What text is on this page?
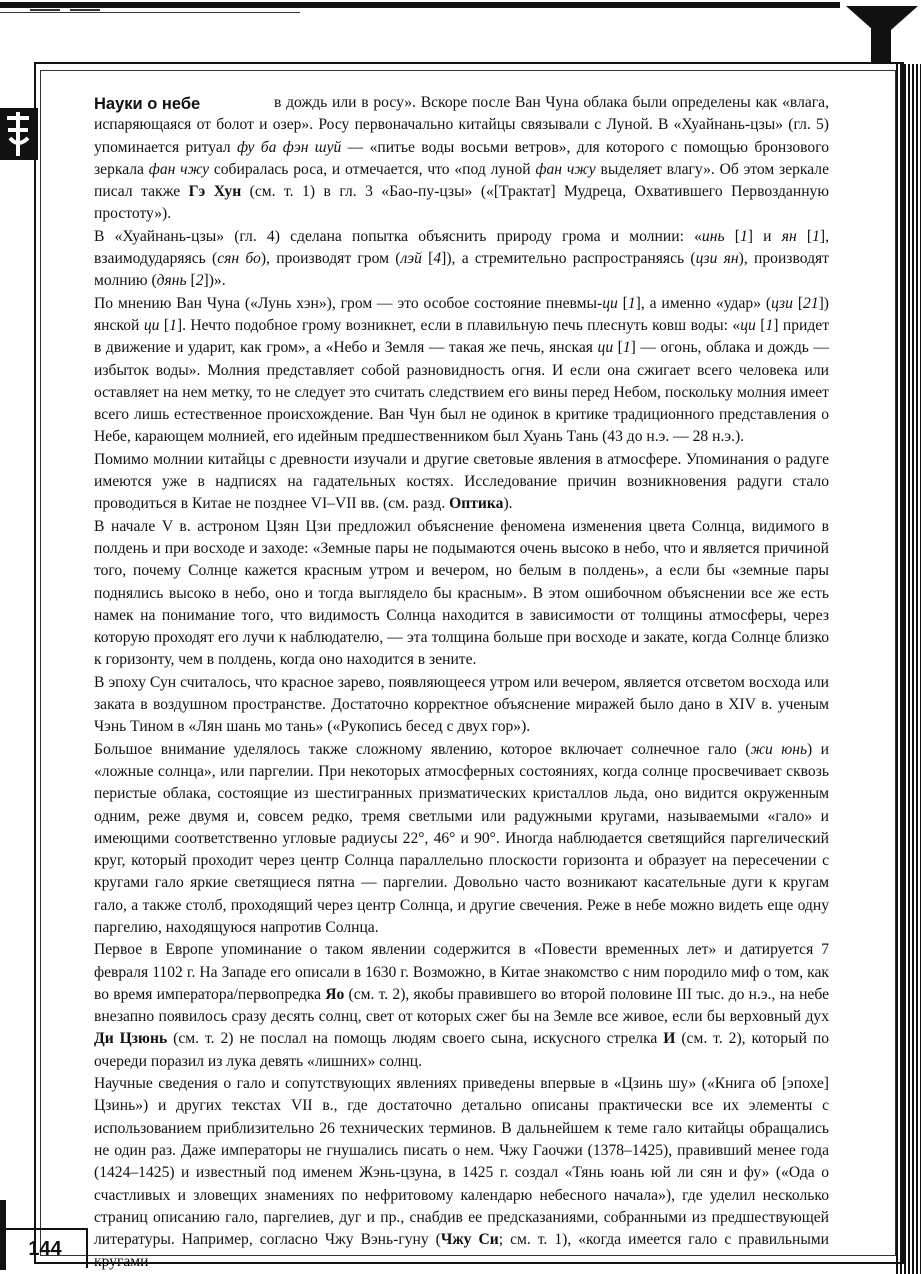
144
Науки о небе	в дождь или в росу». Вскоре после Ван Чуна облака были определены как «влага, испаряющаяся от болот и озер». Росу первоначально китайцы связывали с Луной. В «Хуайнань-цзы» (гл. 5) упоминается ритуал фу ба фэн шуй — «питье воды восьми ветров», для которого с помощью бронзового зеркала фан чжу собиралась роса, и отмечается, что «под луной фан чжу выделяет влагу». Об этом зеркале писал также Гэ Хун (см. т. 1) в гл. 3 «Бао-пу-цзы» («[Трактат] Мудреца, Охватившего Первозданную простоту»).

В «Хуайнань-цзы» (гл. 4) сделана попытка объяснить природу грома и молнии: «инь [1] и ян [1], взаимодударяясь (сян бо), производят гром (лэй [4]), а стремительно распространяясь (цзи ян), производят молнию (дянь [2])».

По мнению Ван Чуна («Лунь хэн»), гром — это особое состояние пневмы-ци [1], а именно «удар» (цзи [21]) янской ци [1]. Нечто подобное грому возникнет, если в плавильную печь плеснуть ковш воды: «ци [1] придет в движение и ударит, как гром», а «Небо и Земля — такая же печь, янская ци [1] — огонь, облака и дождь — избыток воды». Молния представляет собой разновидность огня. И если она сжигает всего человека или оставляет на нем метку, то не следует это считать следствием его вины перед Небом, поскольку молния имеет всего лишь естественное происхождение. Ван Чун был не одинок в критике традиционного представления о Небе, карающем молнией, его идейным предшественником был Хуань Тань (43 до н.э. — 28 н.э.).

Помимо молнии китайцы с древности изучали и другие световые явления в атмосфере. Упоминания о радуге имеются уже в надписях на гадательных костях. Исследование причин возникновения радуги стало проводиться в Китае не позднее VI–VII вв. (см. разд. Оптика).

В начале V в. астроном Цзян Цзи предложил объяснение феномена изменения цвета Солнца, видимого в полдень и при восходе и заходе: «Земные пары не подымаются очень высоко в небо, что и является причиной того, почему Солнце кажется красным утром и вечером, но белым в полдень», а если бы «земные пары поднялись высоко в небо, оно и тогда выглядело бы красным». В этом ошибочном объяснении все же есть намек на понимание того, что видимость Солнца находится в зависимости от толщины атмосферы, через которую проходят его лучи к наблюдателю, — эта толщина больше при восходе и закате, когда Солнце близко к горизонту, чем в полдень, когда оно находится в зените.

В эпоху Сун считалось, что красное зарево, появляющееся утром или вечером, является отсветом восхода или заката в воздушном пространстве. Достаточно корректное объяснение миражей было дано в XIV в. ученым Чэнь Тином в «Лян шань мо тань» («Рукопись бесед с двух гор»).

Большое внимание уделялось также сложному явлению, которое включает солнечное гало (жи юнь) и «ложные солнца», или паргелии. При некоторых атмосферных состояниях, когда солнце просвечивает сквозь перистые облака, состоящие из шестигранных призматических кристаллов льда, оно видится окруженным одним, реже двумя и, совсем редко, тремя светлыми или радужными кругами, называемыми «гало» и имеющими соответственно угловые радиусы 22°, 46° и 90°. Иногда наблюдается светящийся паргелический круг, который проходит через центр Солнца параллельно плоскости горизонта и образует на пересечении с кругами гало яркие светящиеся пятна — паргелии. Довольно часто возникают касательные дуги к кругам гало, а также столб, проходящий через центр Солнца, и другие свечения. Реже в небе можно видеть еще одну паргелию, находящуюся напротив Солнца.

Первое в Европе упоминание о таком явлении содержится в «Повести временных лет» и датируется 7 февраля 1102 г. На Западе его описали в 1630 г. Возможно, в Китае знакомство с ним породило миф о том, как во время императора/первопредка Яо (см. т. 2), якобы правившего во второй половине III тыс. до н.э., на небе внезапно появилось сразу десять солнц, свет от которых сжег бы на Земле все живое, если бы верховный дух Ди Цзюнь (см. т. 2) не послал на помощь людям своего сына, искусного стрелка И (см. т. 2), который по очереди поразил из лука девять «лишних» солнц.

Научные сведения о гало и сопутствующих явлениях приведены впервые в «Цзинь шу» («Книга об [эпохе] Цзинь») и других текстах VII в., где достаточно детально описаны практически все их элементы с использованием приблизительно 26 технических терминов. В дальнейшем к теме гало китайцы обращались не один раз. Даже императоры не гнушались писать о нем. Чжу Гаочжи (1378–1425), правивший менее года (1424–1425) и известный под именем Жэнь-цзуна, в 1425 г. создал «Тянь юань юй ли сян и фу» («Ода о счастливых и зловещих знамениях по нефритовому календарю небесного начала»), где уделил несколько страниц описанию гало, паргелиев, дуг и пр., снабдив ее предсказаниями, собранными из предшествующей литературы. Например, согласно Чжу Вэнь-гуну (Чжу Си; см. т. 1), «когда имеется гало с правильными кругами
